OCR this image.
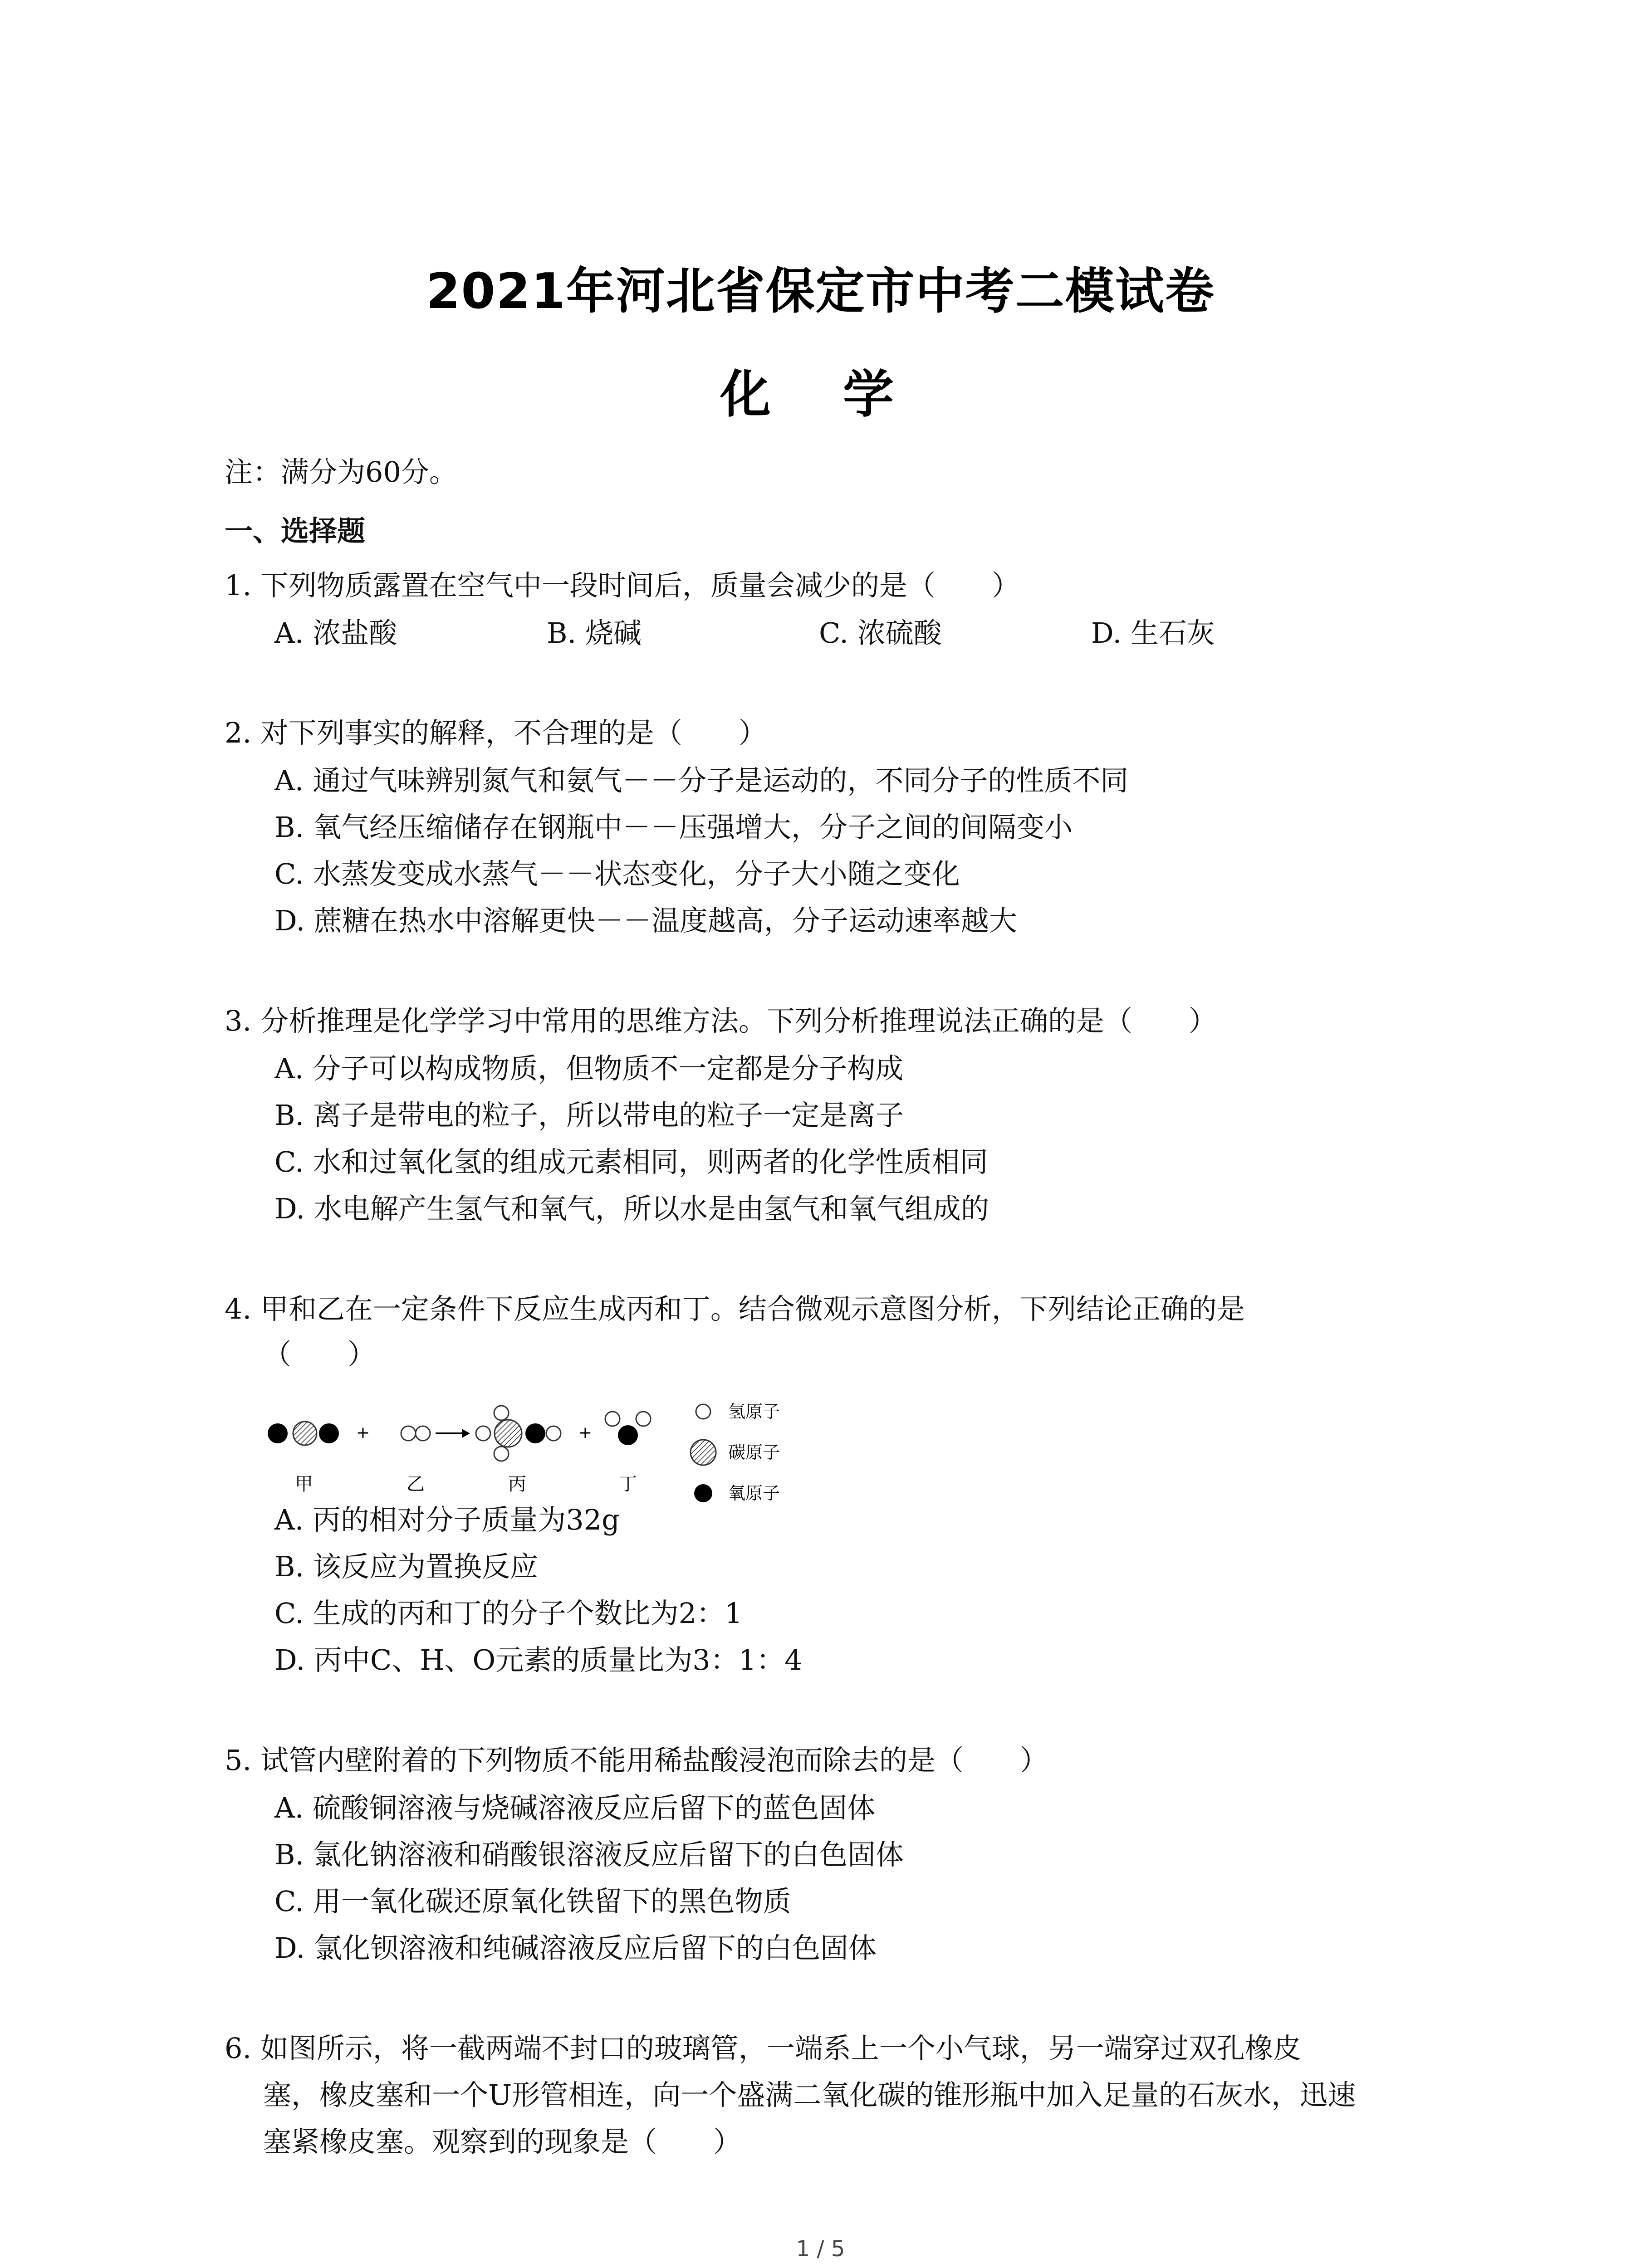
2021年河北省保定市中考二模试卷
化 学
注：满分为60分。
一、选择题
1. 下列物质露置在空气中一段时间后，质量会减少的是（　　）
A. 浓盐酸	B. 烧碱	C. 浓硫酸	D. 生石灰
2. 对下列事实的解释，不合理的是（　　）
A. 通过气味辨别氮气和氨气－－分子是运动的，不同分子的性质不同
B. 氧气经压缩储存在钢瓶中－－压强增大，分子之间的间隔变小
C. 水蒸发变成水蒸气－－状态变化，分子大小随之变化
D. 蔗糖在热水中溶解更快－－温度越高，分子运动速率越大
3. 分析推理是化学学习中常用的思维方法。下列分析推理说法正确的是（　　）
A. 分子可以构成物质，但物质不一定都是分子构成
B. 离子是带电的粒子，所以带电的粒子一定是离子
C. 水和过氧化氢的组成元素相同，则两者的化学性质相同
D. 水电解产生氢气和氧气，所以水是由氢气和氧气组成的
4. 甲和乙在一定条件下反应生成丙和丁。结合微观示意图分析，下列结论正确的是
（　　）
+	+
甲	乙	丙	丁
氢原子
碳原子
氧原子
A. 丙的相对分子质量为32g
B. 该反应为置换反应
C. 生成的丙和丁的分子个数比为2：1
D. 丙中C、H、O元素的质量比为3：1：4
5. 试管内壁附着的下列物质不能用稀盐酸浸泡而除去的是（　　）
A. 硫酸铜溶液与烧碱溶液反应后留下的蓝色固体
B. 氯化钠溶液和硝酸银溶液反应后留下的白色固体
C. 用一氧化碳还原氧化铁留下的黑色物质
D. 氯化钡溶液和纯碱溶液反应后留下的白色固体
6. 如图所示，将一截两端不封口的玻璃管，一端系上一个小气球，另一端穿过双孔橡皮
塞，橡皮塞和一个U形管相连，向一个盛满二氧化碳的锥形瓶中加入足量的石灰水，迅速
塞紧橡皮塞。观察到的现象是（　　）
1 / 5
